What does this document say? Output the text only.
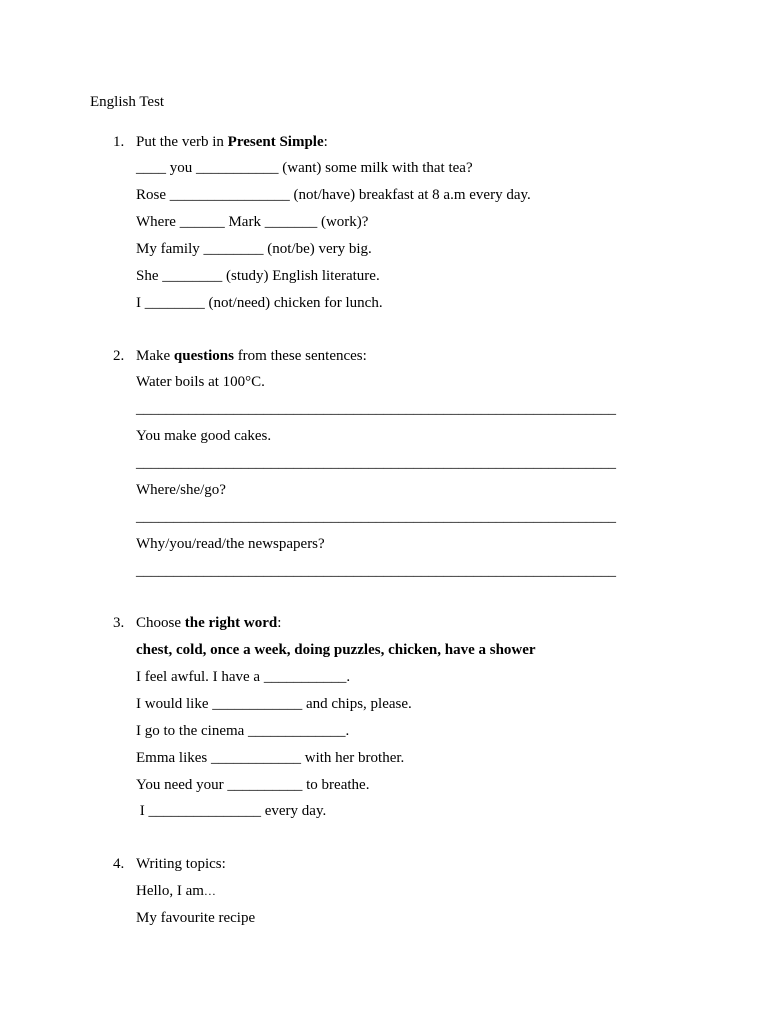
English Test
1. Put the verb in Present Simple:
____ you ___________ (want) some milk with that tea?
Rose ________________ (not/have) breakfast at 8 a.m every day.
Where ______ Mark _______ (work)?
My family ________ (not/be) very big.
She ________ (study) English literature.
I ________ (not/need) chicken for lunch.
2. Make questions from these sentences:
Water boils at 100°C.
________________________________________________________________
You make good cakes.
________________________________________________________________
Where/she/go?
________________________________________________________________
Why/you/read/the newspapers?
________________________________________________________________
3. Choose the right word:
chest, cold, once a week, doing puzzles, chicken, have a shower
I feel awful. I have a ___________.
I would like ____________ and chips, please.
I go to the cinema _____________.
Emma likes ____________ with her brother.
You need your __________ to breathe.
I _______________ every day.
4. Writing topics:
Hello, I am…
My favourite recipe
